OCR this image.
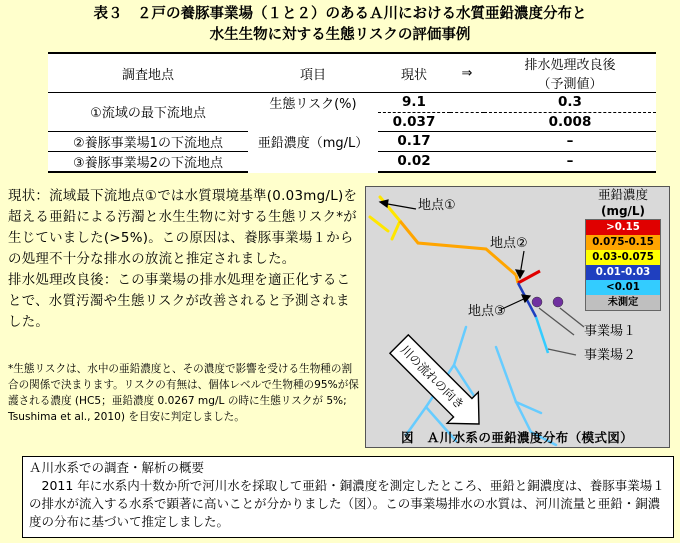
表３　２戸の養豚事業場（１と２）のあるＡ川における水質亜鉛濃度分布と
水生生物に対する生態リスクの評価事例
調査地点	項目	現状	⇒	排水処理改良後
（予測値）

①流域の最下流地点	生態リスク(%)	9.1		0.3
	亜鉛濃度（mg/L）	0.037		0.008
②養豚事業場1の下流地点		0.17		–
③養豚事業場2の下流地点		0.02		–

現状：流域最下流地点①では水質環境基準(0.03mg/L)を超える亜鉛による汚濁と水生生物に対する生態リスク*が生じていました(>5%)。この原因は、養豚事業場１からの処理不十分な排水の放流と推定されました。

排水処理改良後：この事業場の排水処理を適正化することで、水質汚濁や生態リスクが改善されると予測されました。

*生態リスクは、水中の亜鉛濃度と、その濃度で影響を受ける生物種の割合の関係で決まります。リスクの有無は、個体レベルで生物種の95%が保護される濃度 (HC5；亜鉛濃度 0.0267 mg/L の時に生態リスクが 5%; Tsushima et al., 2010) を目安に判定しました。

地点①
地点②
地点③
事業場１
事業場２
川の流れの向き
亜鉛濃度
(mg/L)
>0.15
0.075-0.15
0.03-0.075
0.01-0.03
<0.01
未測定
図　Ａ川水系の亜鉛濃度分布（模式図）

Ａ川水系での調査・解析の概要

　2011 年に水系内十数か所で河川水を採取して亜鉛・銅濃度を測定したところ、亜鉛と銅濃度は、養豚事業場１の排水が流入する水系で顕著に高いことが分かりました（図）。この事業場排水の水質は、河川流量と亜鉛・銅濃度の分布に基づいて推定しました。
